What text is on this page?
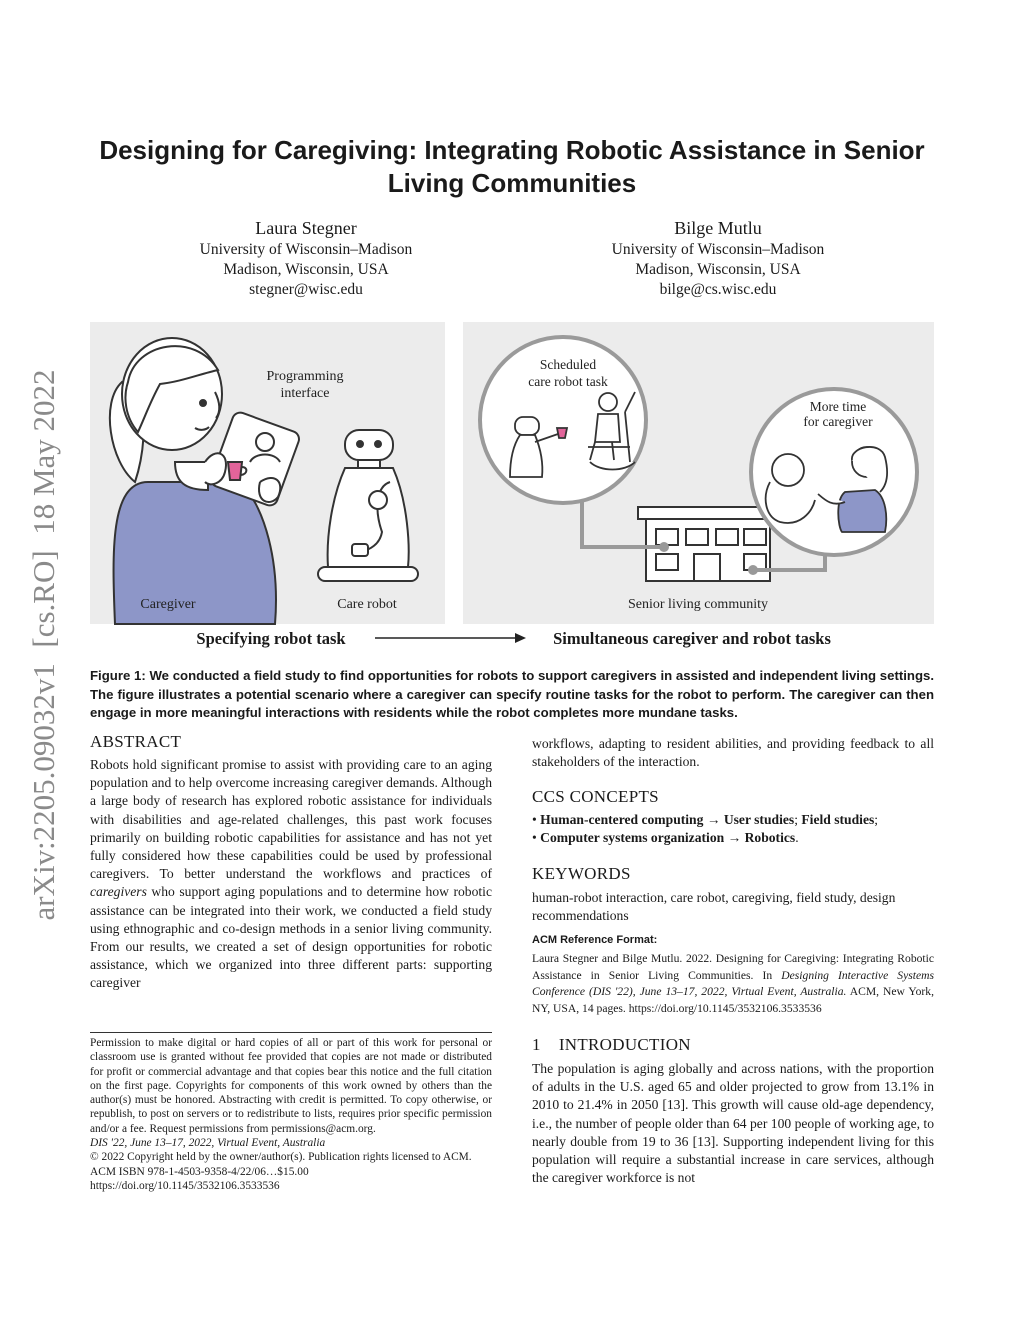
arXiv:2205.09032v1  [cs.RO]  18 May 2022
Designing for Caregiving: Integrating Robotic Assistance in Senior Living Communities
Laura Stegner
University of Wisconsin–Madison
Madison, Wisconsin, USA
stegner@wisc.edu
Bilge Mutlu
University of Wisconsin–Madison
Madison, Wisconsin, USA
bilge@cs.wisc.edu
Programming
interface
Caregiver	Care robot
Scheduled
care robot task
More time
for caregiver
Senior living community
Specifying robot task	Simultaneous caregiver and robot tasks
Figure 1: We conducted a field study to find opportunities for robots to support caregivers in assisted and independent living settings. The figure illustrates a potential scenario where a caregiver can specify routine tasks for the robot to perform. The caregiver can then engage in more meaningful interactions with residents while the robot completes more mundane tasks.
ABSTRACT
Robots hold significant promise to assist with providing care to an aging population and to help overcome increasing caregiver demands. Although a large body of research has explored robotic assistance for individuals with disabilities and age-related challenges, this past work focuses primarily on building robotic capabilities for assistance and has not yet fully considered how these capabilities could be used by professional caregivers. To better understand the workflows and practices of caregivers who support aging populations and to determine how robotic assistance can be integrated into their work, we conducted a field study using ethnographic and co-design methods in a senior living community. From our results, we created a set of design opportunities for robotic assistance, which we organized into three different parts: supporting caregiver
Permission to make digital or hard copies of all or part of this work for personal or classroom use is granted without fee provided that copies are not made or distributed for profit or commercial advantage and that copies bear this notice and the full citation on the first page. Copyrights for components of this work owned by others than the author(s) must be honored. Abstracting with credit is permitted. To copy otherwise, or republish, to post on servers or to redistribute to lists, requires prior specific permission and/or a fee. Request permissions from permissions@acm.org.
DIS '22, June 13–17, 2022, Virtual Event, Australia
© 2022 Copyright held by the owner/author(s). Publication rights licensed to ACM.
ACM ISBN 978-1-4503-9358-4/22/06…$15.00
https://doi.org/10.1145/3532106.3533536
workflows, adapting to resident abilities, and providing feedback to all stakeholders of the interaction.
CCS CONCEPTS
• Human-centered computing → User studies; Field studies;
• Computer systems organization → Robotics.
KEYWORDS
human-robot interaction, care robot, caregiving, field study, design recommendations
ACM Reference Format:
Laura Stegner and Bilge Mutlu. 2022. Designing for Caregiving: Integrating Robotic Assistance in Senior Living Communities. In Designing Interactive Systems Conference (DIS '22), June 13–17, 2022, Virtual Event, Australia. ACM, New York, NY, USA, 14 pages. https://doi.org/10.1145/3532106.3533536
1 INTRODUCTION
The population is aging globally and across nations, with the proportion of adults in the U.S. aged 65 and older projected to grow from 13.1% in 2010 to 21.4% in 2050 [13]. This growth will cause old-age dependency, i.e., the number of people older than 64 per 100 people of working age, to nearly double from 19 to 36 [13]. Supporting independent living for this population will require a substantial increase in care services, although the caregiver workforce is not
